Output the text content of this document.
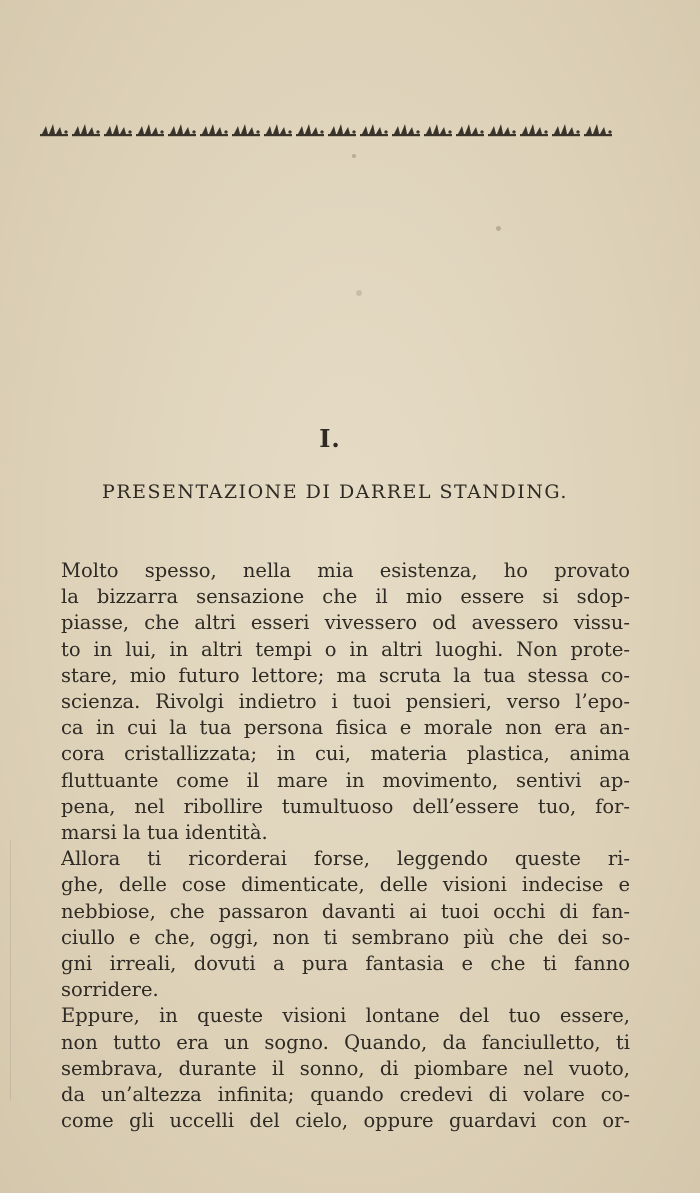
I.
PRESENTAZIONE DI DARREL STANDING.
Molto spesso, nella mia esistenza, ho provato
la bizzarra sensazione che il mio essere si sdop-
piasse, che altri esseri vivessero od avessero vissu-
to in lui, in altri tempi o in altri luoghi. Non prote-
stare, mio futuro lettore; ma scruta la tua stessa co-
scienza. Rivolgi indietro i tuoi pensieri, verso l’epo-
ca in cui la tua persona fisica e morale non era an-
cora cristallizzata; in cui, materia plastica, anima
fluttuante come il mare in movimento, sentivi ap-
pena, nel ribollire tumultuoso dell’essere tuo, for-
marsi la tua identità.
Allora ti ricorderai forse, leggendo queste ri-
ghe, delle cose dimenticate, delle visioni indecise e
nebbiose, che passaron davanti ai tuoi occhi di fan-
ciullo e che, oggi, non ti sembrano più che dei so-
gni irreali, dovuti a pura fantasia e che ti fanno
sorridere.
Eppure, in queste visioni lontane del tuo essere,
non tutto era un sogno. Quando, da fanciulletto, ti
sembrava, durante il sonno, di piombare nel vuoto,
da un’altezza infinita; quando credevi di volare co-
come gli uccelli del cielo, oppure guardavi con or-
